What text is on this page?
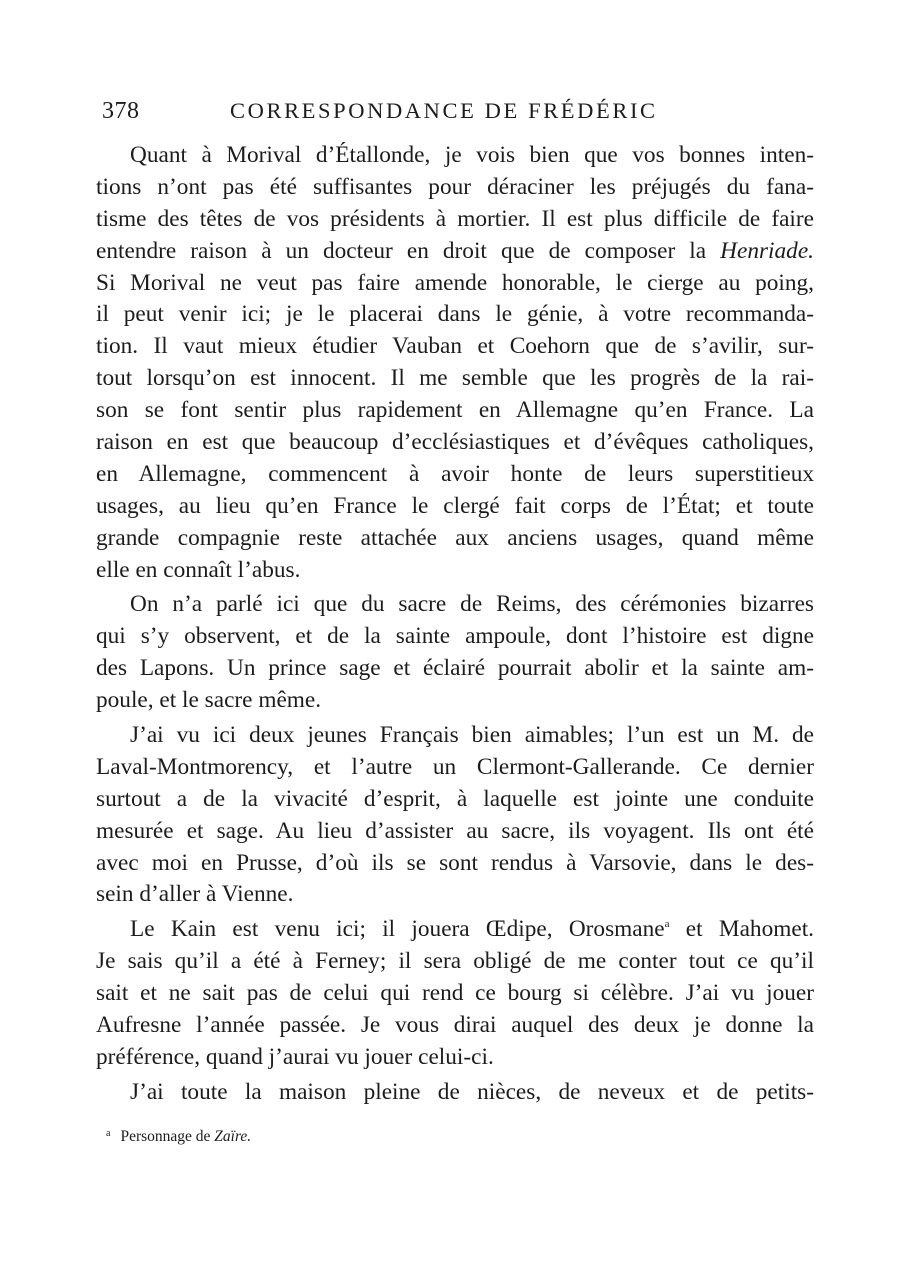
378	CORRESPONDANCE DE FRÉDÉRIC
Quant à Morival d’Étallonde, je vois bien que vos bonnes inten-
tions n’ont pas été suffisantes pour déraciner les préjugés du fana-
tisme des têtes de vos présidents à mortier. Il est plus difficile de faire
entendre raison à un docteur en droit que de composer la Henriade.
Si Morival ne veut pas faire amende honorable, le cierge au poing,
il peut venir ici; je le placerai dans le génie, à votre recommanda-
tion. Il vaut mieux étudier Vauban et Coehorn que de s’avilir, sur-
tout lorsqu’on est innocent. Il me semble que les progrès de la rai-
son se font sentir plus rapidement en Allemagne qu’en France. La
raison en est que beaucoup d’ecclésiastiques et d’évêques catholiques,
en Allemagne, commencent à avoir honte de leurs superstitieux
usages, au lieu qu’en France le clergé fait corps de l’État; et toute
grande compagnie reste attachée aux anciens usages, quand même
elle en connaît l’abus.
On n’a parlé ici que du sacre de Reims, des cérémonies bizarres
qui s’y observent, et de la sainte ampoule, dont l’histoire est digne
des Lapons. Un prince sage et éclairé pourrait abolir et la sainte am-
poule, et le sacre même.
J’ai vu ici deux jeunes Français bien aimables; l’un est un M. de
Laval-Montmorency, et l’autre un Clermont-Gallerande. Ce dernier
surtout a de la vivacité d’esprit, à laquelle est jointe une conduite
mesurée et sage. Au lieu d’assister au sacre, ils voyagent. Ils ont été
avec moi en Prusse, d’où ils se sont rendus à Varsovie, dans le des-
sein d’aller à Vienne.
Le Kain est venu ici; il jouera Œdipe, Orosmane$^a$ et Mahomet.
Je sais qu’il a été à Ferney; il sera obligé de me conter tout ce qu’il
sait et ne sait pas de celui qui rend ce bourg si célèbre. J’ai vu jouer
Aufresne l’année passée. Je vous dirai auquel des deux je donne la
préférence, quand j’aurai vu jouer celui-ci.
J’ai toute la maison pleine de nièces, de neveux et de petits-
$^a$ Personnage de Zaïre.
